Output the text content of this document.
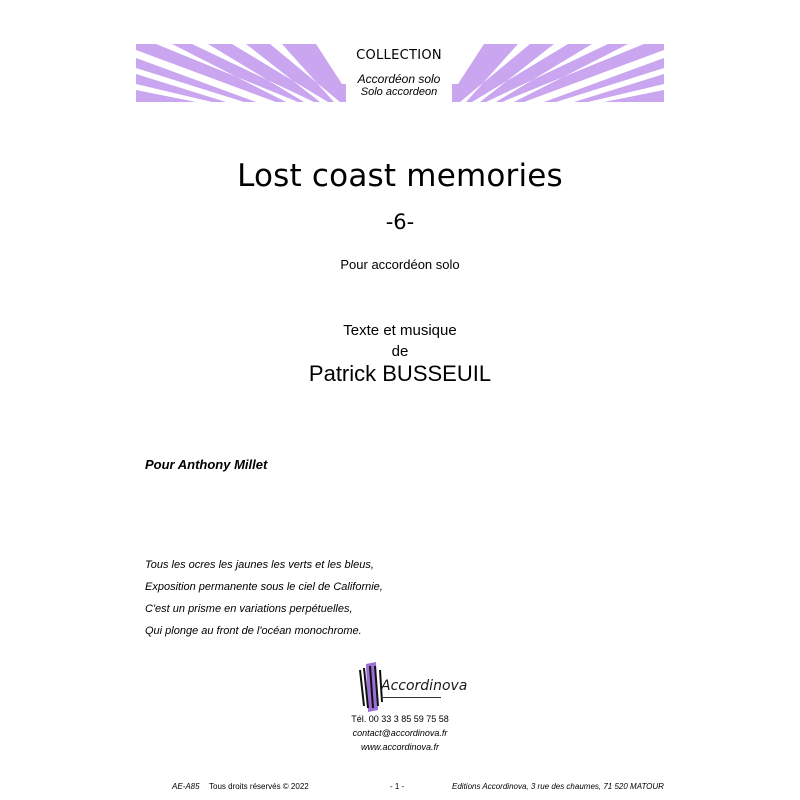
COLLECTION
Accordéon solo
Solo accordeon
Lost coast memories
-6-
Pour accordéon solo
Texte et musique
de
Patrick BUSSEUIL
Pour Anthony Millet
Tous les ocres les jaunes les verts et les bleus,
Exposition permanente sous le ciel de Californie,
C'est un prisme en variations perpétuelles,
Qui plonge au front de l'océan monochrome.
Accordinova
Tél. 00 33 3 85 59 75 58
contact@accordinova.fr
www.accordinova.fr
AE-A85 Tous droits réservés © 2022	- 1 -	Editions Accordinova, 3 rue des chaumes, 71 520 MATOUR
